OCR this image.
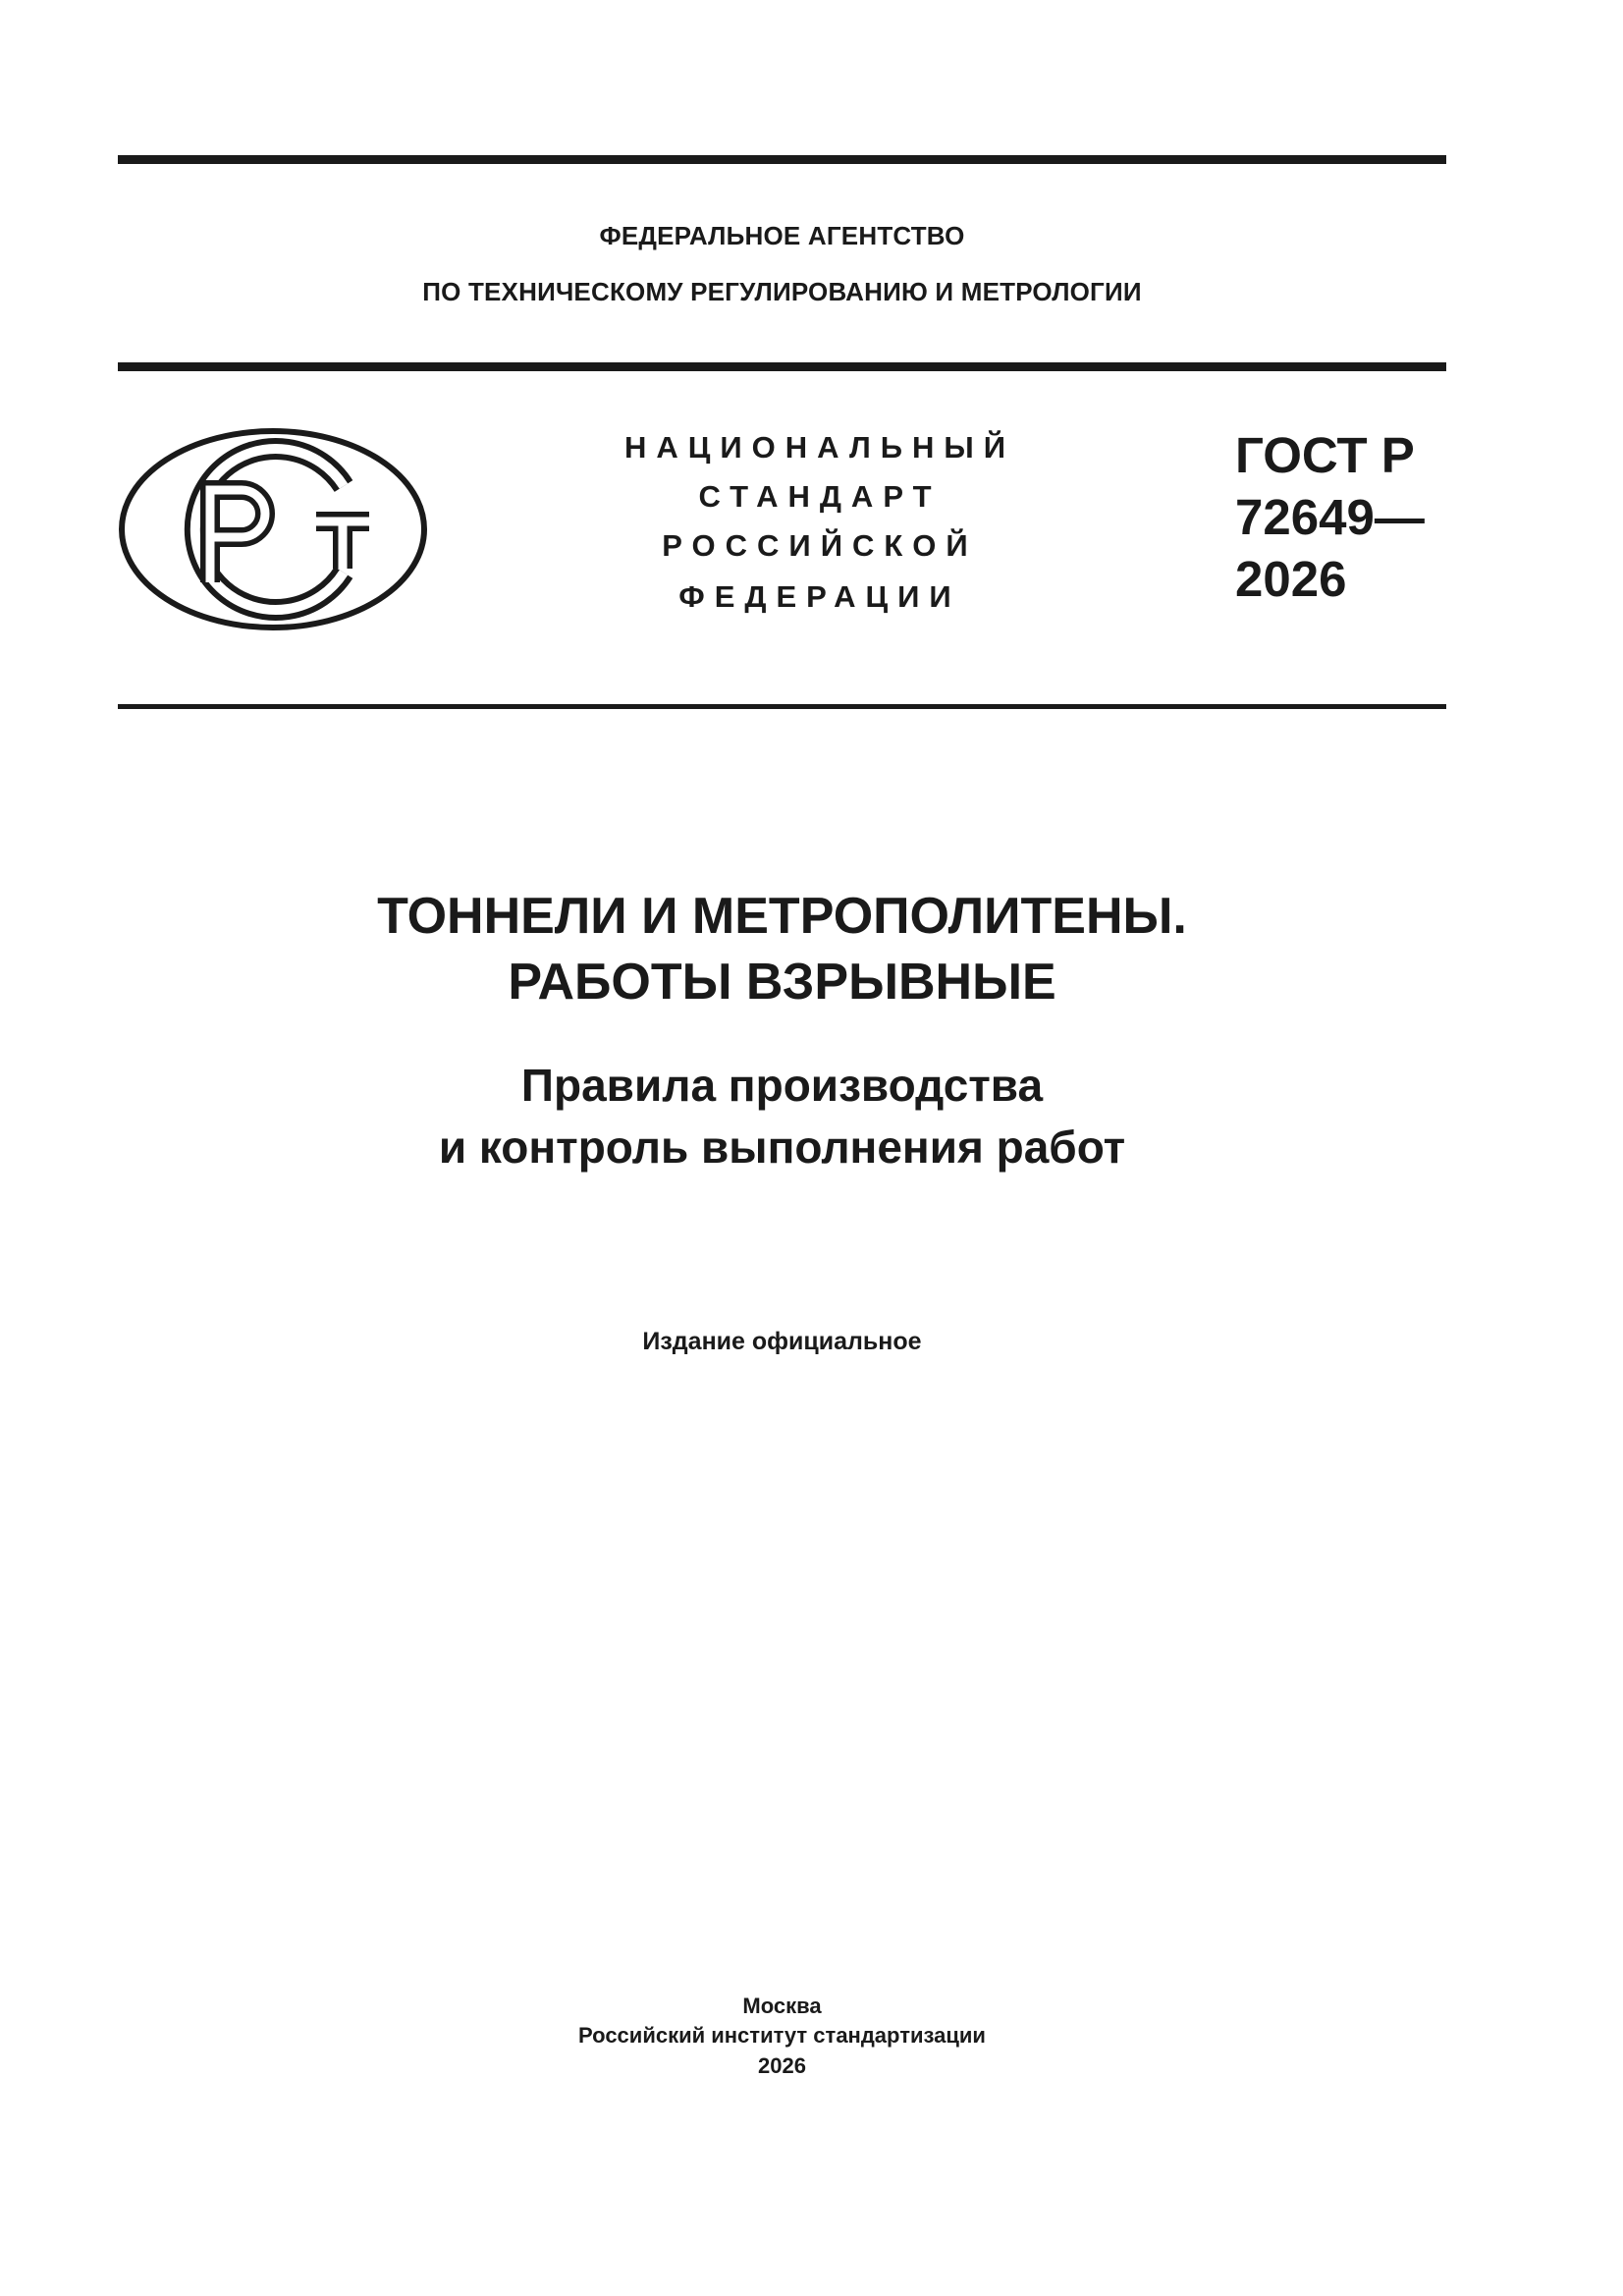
ФЕДЕРАЛЬНОЕ АГЕНТСТВО
ПО ТЕХНИЧЕСКОМУ РЕГУЛИРОВАНИЮ И МЕТРОЛОГИИ
НАЦИОНАЛЬНЫЙ
СТАНДАРТ
РОССИЙСКОЙ
ФЕДЕРАЦИИ
ГОСТ Р
72649—
2026
ТОННЕЛИ И МЕТРОПОЛИТЕНЫ.
РАБОТЫ ВЗРЫВНЫЕ
Правила производства
и контроль выполнения работ
Издание официальное
Москва
Российский институт стандартизации
2026
